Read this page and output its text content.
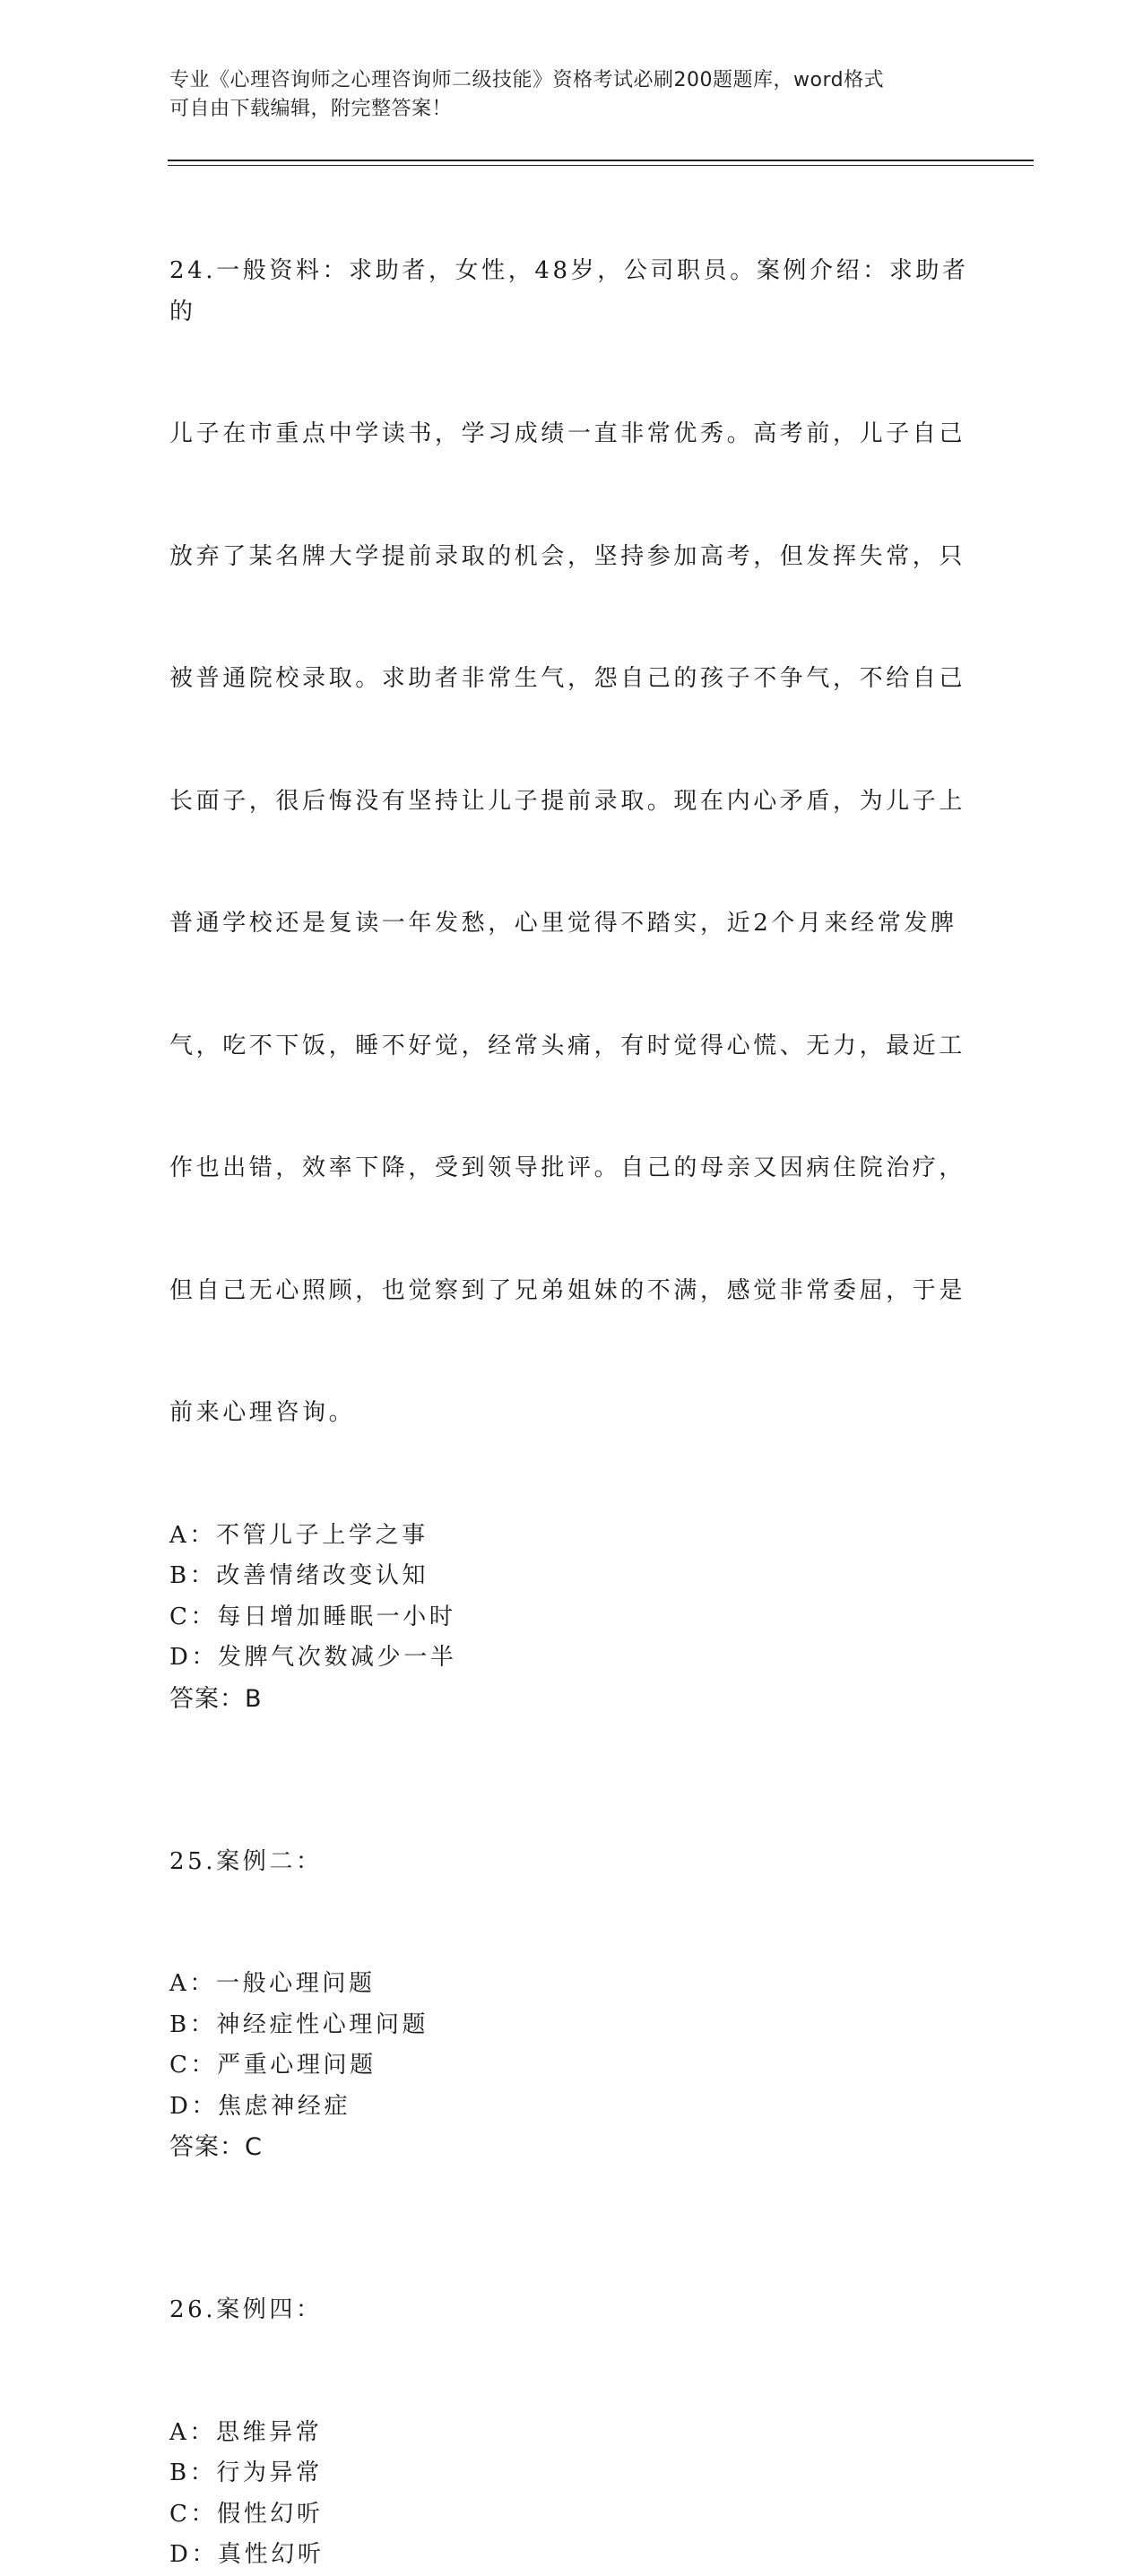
专业《心理咨询师之心理咨询师二级技能》资格考试必刷200题题库，word格式
可自由下载编辑，附完整答案！

24.一般资料：求助者，女性，48岁，公司职员。案例介绍：求助者的

儿子在市重点中学读书，学习成绩一直非常优秀。高考前，儿子自己

放弃了某名牌大学提前录取的机会，坚持参加高考，但发挥失常，只

被普通院校录取。求助者非常生气，怨自己的孩子不争气，不给自己

长面子，很后悔没有坚持让儿子提前录取。现在内心矛盾，为儿子上

普通学校还是复读一年发愁，心里觉得不踏实，近2个月来经常发脾

气，吃不下饭，睡不好觉，经常头痛，有时觉得心慌、无力，最近工

作也出错，效率下降，受到领导批评。自己的母亲又因病住院治疗，

但自己无心照顾，也觉察到了兄弟姐妹的不满，感觉非常委屈，于是

前来心理咨询。

A：不管儿子上学之事
B：改善情绪改变认知
C：每日增加睡眠一小时
D：发脾气次数减少一半
答案：B

25.案例二：

A：一般心理问题
B：神经症性心理问题
C：严重心理问题
D：焦虑神经症
答案：C

26.案例四：

A：思维异常
B：行为异常
C：假性幻听
D：真性幻听
